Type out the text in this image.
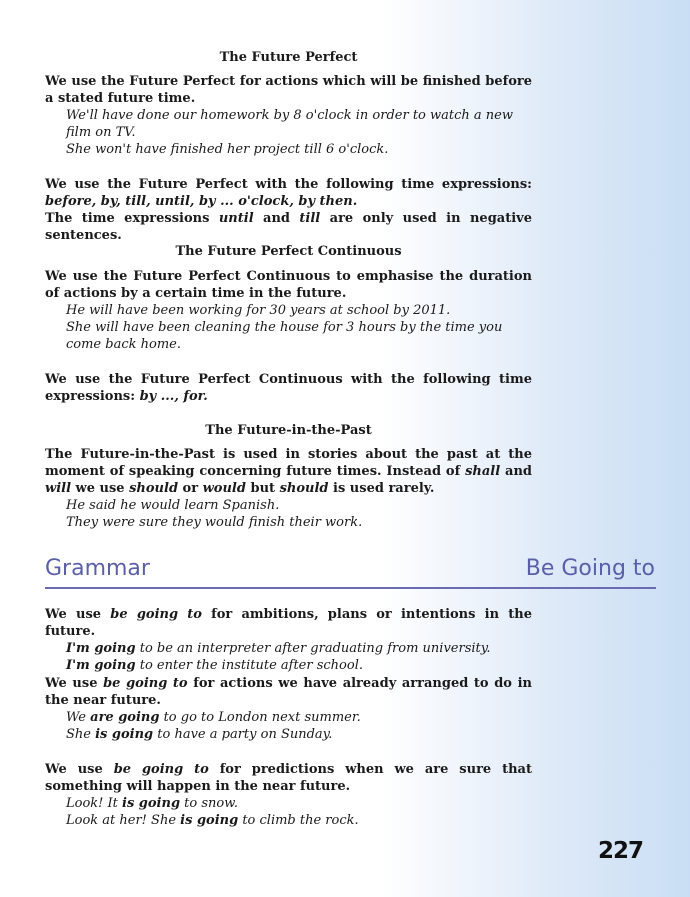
The Future Perfect

We use the Future Perfect for actions which will be finished before a stated future time.

We'll have done our homework by 8 o'clock in order to watch a new film on TV.

She won't have finished her project till 6 o'clock.

We use the Future Perfect with the following time expressions: before, by, till, until, by ... o'clock, by then.

The time expressions until and till are only used in negative sentences.

The Future Perfect Continuous

We use the Future Perfect Continuous to emphasise the duration of actions by a certain time in the future.

He will have been working for 30 years at school by 2011.

She will have been cleaning the house for 3 hours by the time you come back home.

We use the Future Perfect Continuous with the following time expressions: by ..., for.

The Future-in-the-Past

The Future-in-the-Past is used in stories about the past at the moment of speaking concerning future times. Instead of shall and will we use should or would but should is used rarely.

He said he would learn Spanish.

They were sure they would finish their work.

Grammar	Be Going to

We use be going to for ambitions, plans or intentions in the future.

I'm going to be an interpreter after graduating from university.

I'm going to enter the institute after school.

We use be going to for actions we have already arranged to do in the near future.

We are going to go to London next summer.

She is going to have a party on Sunday.

We use be going to for predictions when we are sure that something will happen in the near future.

Look! It is going to snow.

Look at her! She is going to climb the rock.

227
